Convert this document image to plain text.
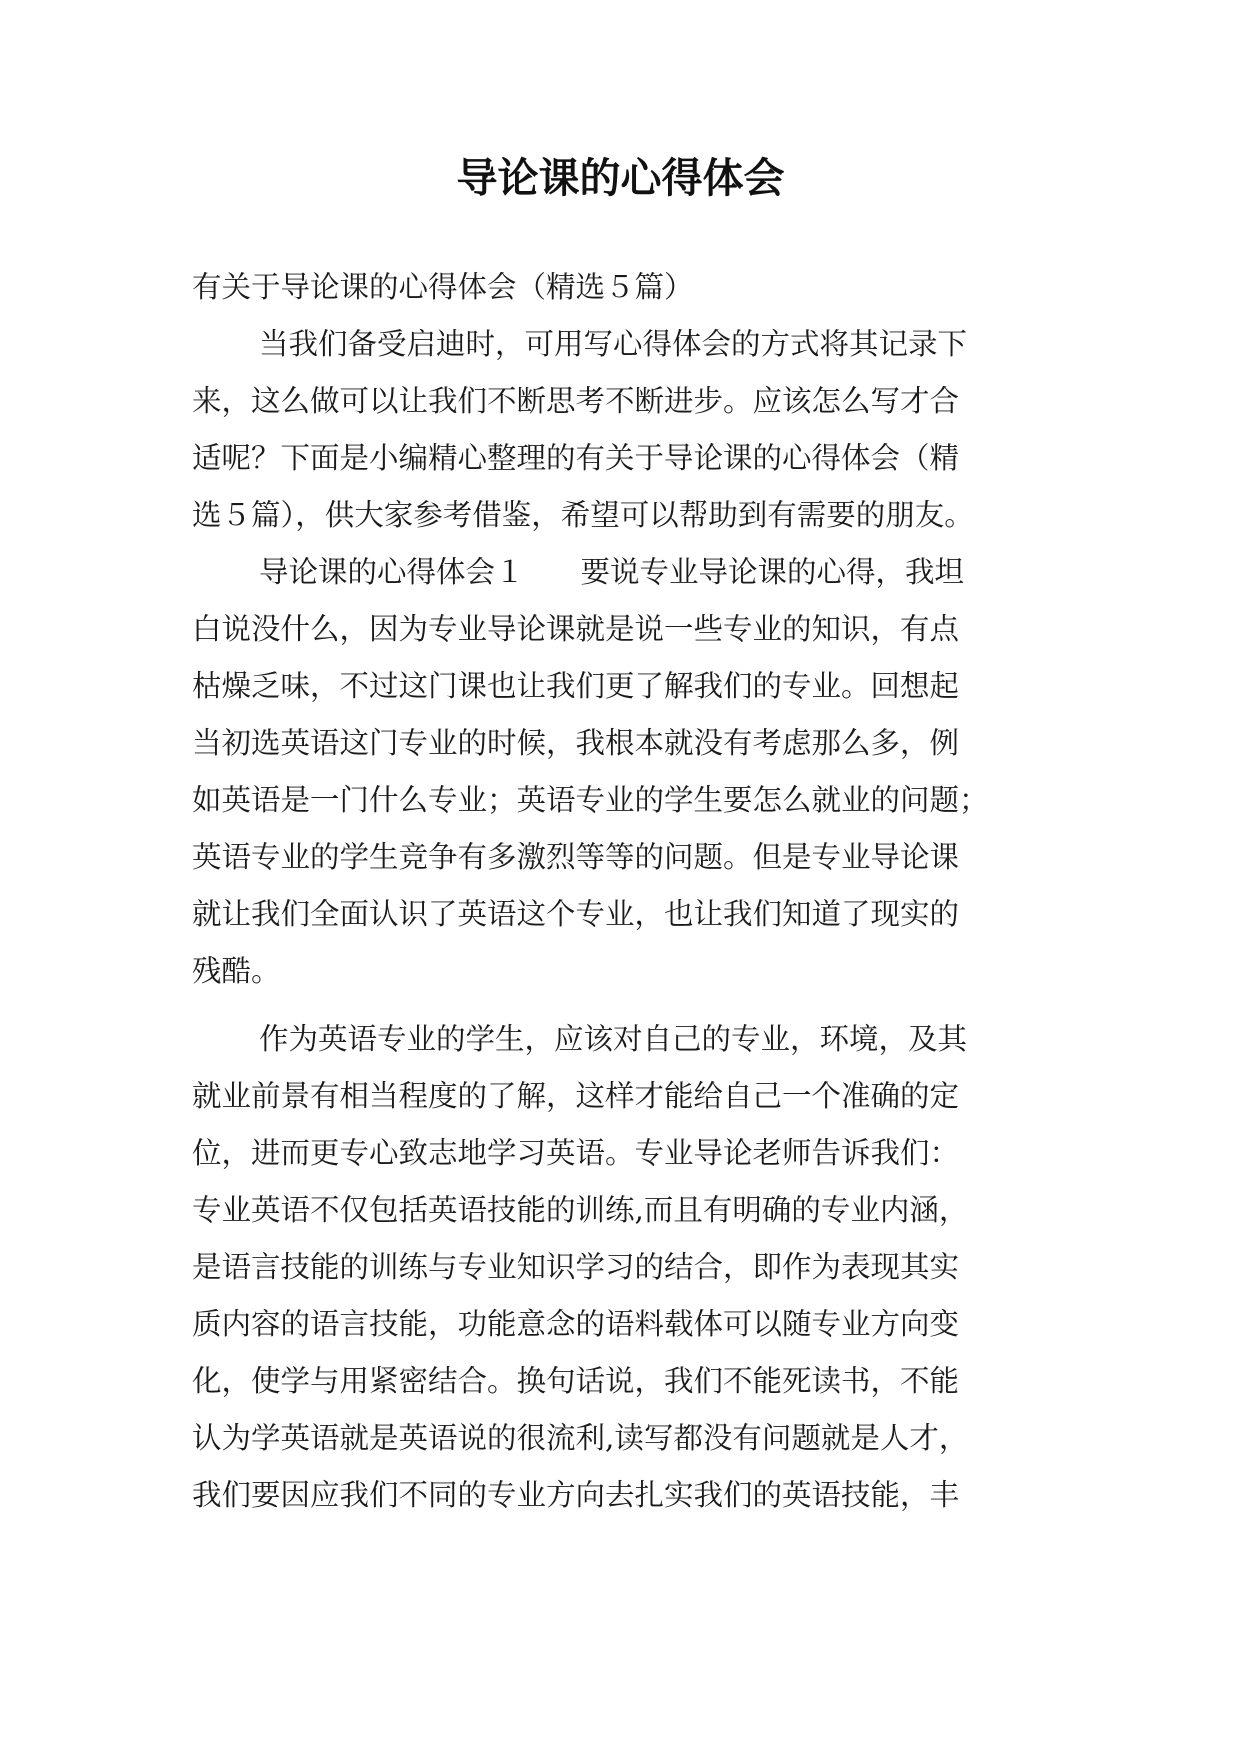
导论课的心得体会
有关于导论课的心得体会（精选５篇）
当我们备受启迪时，可用写心得体会的方式将其记录下
来，这么做可以让我们不断思考不断进步。应该怎么写才合
适呢？下面是小编精心整理的有关于导论课的心得体会（精
选５篇），供大家参考借鉴，希望可以帮助到有需要的朋友。
导论课的心得体会１ 要说专业导论课的心得，我坦
白说没什么，因为专业导论课就是说一些专业的知识，有点
枯燥乏味，不过这门课也让我们更了解我们的专业。回想起
当初选英语这门专业的时候，我根本就没有考虑那么多，例
如英语是一门什么专业；英语专业的学生要怎么就业的问题；
英语专业的学生竞争有多激烈等等的问题。但是专业导论课
就让我们全面认识了英语这个专业，也让我们知道了现实的
残酷。
作为英语专业的学生，应该对自己的专业，环境，及其
就业前景有相当程度的了解，这样才能给自己一个准确的定
位，进而更专心致志地学习英语。专业导论老师告诉我们：
专业英语不仅包括英语技能的训练,而且有明确的专业内涵，
是语言技能的训练与专业知识学习的结合，即作为表现其实
质内容的语言技能，功能意念的语料载体可以随专业方向变
化，使学与用紧密结合。换句话说，我们不能死读书，不能
认为学英语就是英语说的很流利,读写都没有问题就是人才，
我们要因应我们不同的专业方向去扎实我们的英语技能，丰
